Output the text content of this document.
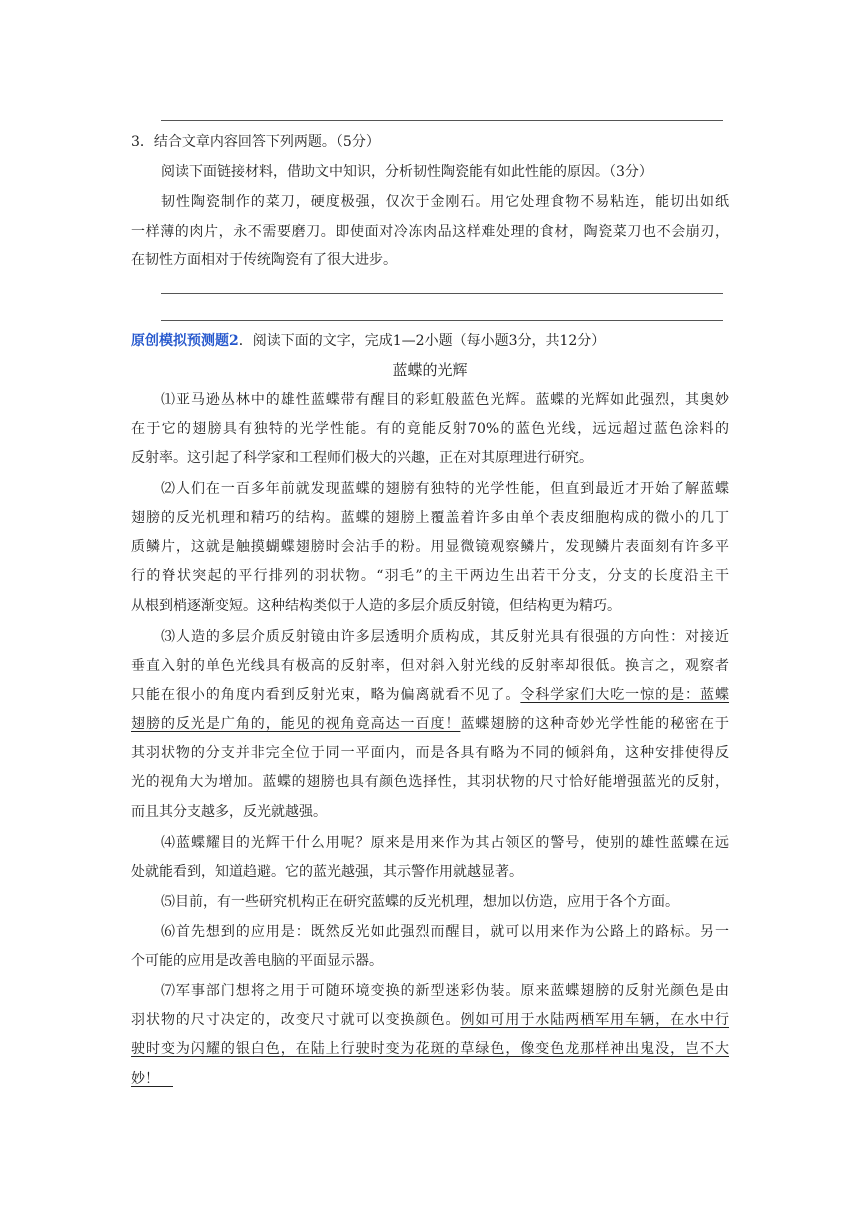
3．结合文章内容回答下列两题。（5分）
阅读下面链接材料，借助文中知识，分析韧性陶瓷能有如此性能的原因。（3分）
韧性陶瓷制作的菜刀，硬度极强，仅次于金刚石。用它处理食物不易粘连，能切出如纸
一样薄的肉片，永不需要磨刀。即使面对冷冻肉品这样难处理的食材，陶瓷菜刀也不会崩刃，
在韧性方面相对于传统陶瓷有了很大进步。
原创模拟预测题2．阅读下面的文字，完成1—2小题（每小题3分，共12分）
蓝蝶的光辉
⑴亚马逊丛林中的雄性蓝蝶带有醒目的彩虹般蓝色光辉。蓝蝶的光辉如此强烈，其奥妙
在于它的翅膀具有独特的光学性能。有的竟能反射70%的蓝色光线，远远超过蓝色涂料的
反射率。这引起了科学家和工程师们极大的兴趣，正在对其原理进行研究。
⑵人们在一百多年前就发现蓝蝶的翅膀有独特的光学性能，但直到最近才开始了解蓝蝶
翅膀的反光机理和精巧的结构。蓝蝶的翅膀上覆盖着许多由单个表皮细胞构成的微小的几丁
质鳞片，这就是触摸蝴蝶翅膀时会沾手的粉。用显微镜观察鳞片，发现鳞片表面刻有许多平
行的脊状突起的平行排列的羽状物。“羽毛”的主干两边生出若干分支，分支的长度沿主干
从根到梢逐渐变短。这种结构类似于人造的多层介质反射镜，但结构更为精巧。
⑶人造的多层介质反射镜由许多层透明介质构成，其反射光具有很强的方向性：对接近
垂直入射的单色光线具有极高的反射率，但对斜入射光线的反射率却很低。换言之，观察者
只能在很小的角度内看到反射光束，略为偏离就看不见了。令科学家们大吃一惊的是：蓝蝶
翅膀的反光是广角的，能见的视角竟高达一百度！蓝蝶翅膀的这种奇妙光学性能的秘密在于
其羽状物的分支并非完全位于同一平面内，而是各具有略为不同的倾斜角，这种安排使得反
光的视角大为增加。蓝蝶的翅膀也具有颜色选择性，其羽状物的尺寸恰好能增强蓝光的反射，
而且其分支越多，反光就越强。
⑷蓝蝶耀目的光辉干什么用呢？原来是用来作为其占领区的警号，使别的雄性蓝蝶在远
处就能看到，知道趋避。它的蓝光越强，其示警作用就越显著。
⑸目前，有一些研究机构正在研究蓝蝶的反光机理，想加以仿造，应用于各个方面。
⑹首先想到的应用是：既然反光如此强烈而醒目，就可以用来作为公路上的路标。另一
个可能的应用是改善电脑的平面显示器。
⑺军事部门想将之用于可随环境变换的新型迷彩伪装。原来蓝蝶翅膀的反射光颜色是由
羽状物的尺寸决定的，改变尺寸就可以变换颜色。例如可用于水陆两栖军用车辆，在水中行
驶时变为闪耀的银白色，在陆上行驶时变为花斑的草绿色，像变色龙那样神出鬼没，岂不大
妙！ 
